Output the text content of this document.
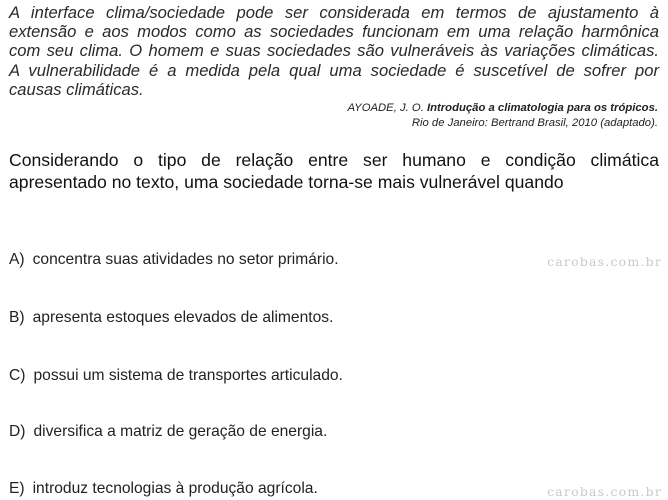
A interface clima/sociedade pode ser considerada em termos de ajustamento à
extensão e aos modos como as sociedades funcionam em uma relação harmônica
com seu clima. O homem e suas sociedades são vulneráveis às variações climáticas.
A vulnerabilidade é a medida pela qual uma sociedade é suscetível de sofrer por
causas climáticas.
AYOADE, J. O. Introdução a climatologia para os trópicos.
Rio de Janeiro: Bertrand Brasil, 2010 (adaptado).
Considerando o tipo de relação entre ser humano e condição climática
apresentado no texto, uma sociedade torna-se mais vulnerável quando
A) concentra suas atividades no setor primário.
B) apresenta estoques elevados de alimentos.
C) possui um sistema de transportes articulado.
D) diversifica a matriz de geração de energia.
E) introduz tecnologias à produção agrícola.
carobas.com.br
carobas.com.br
